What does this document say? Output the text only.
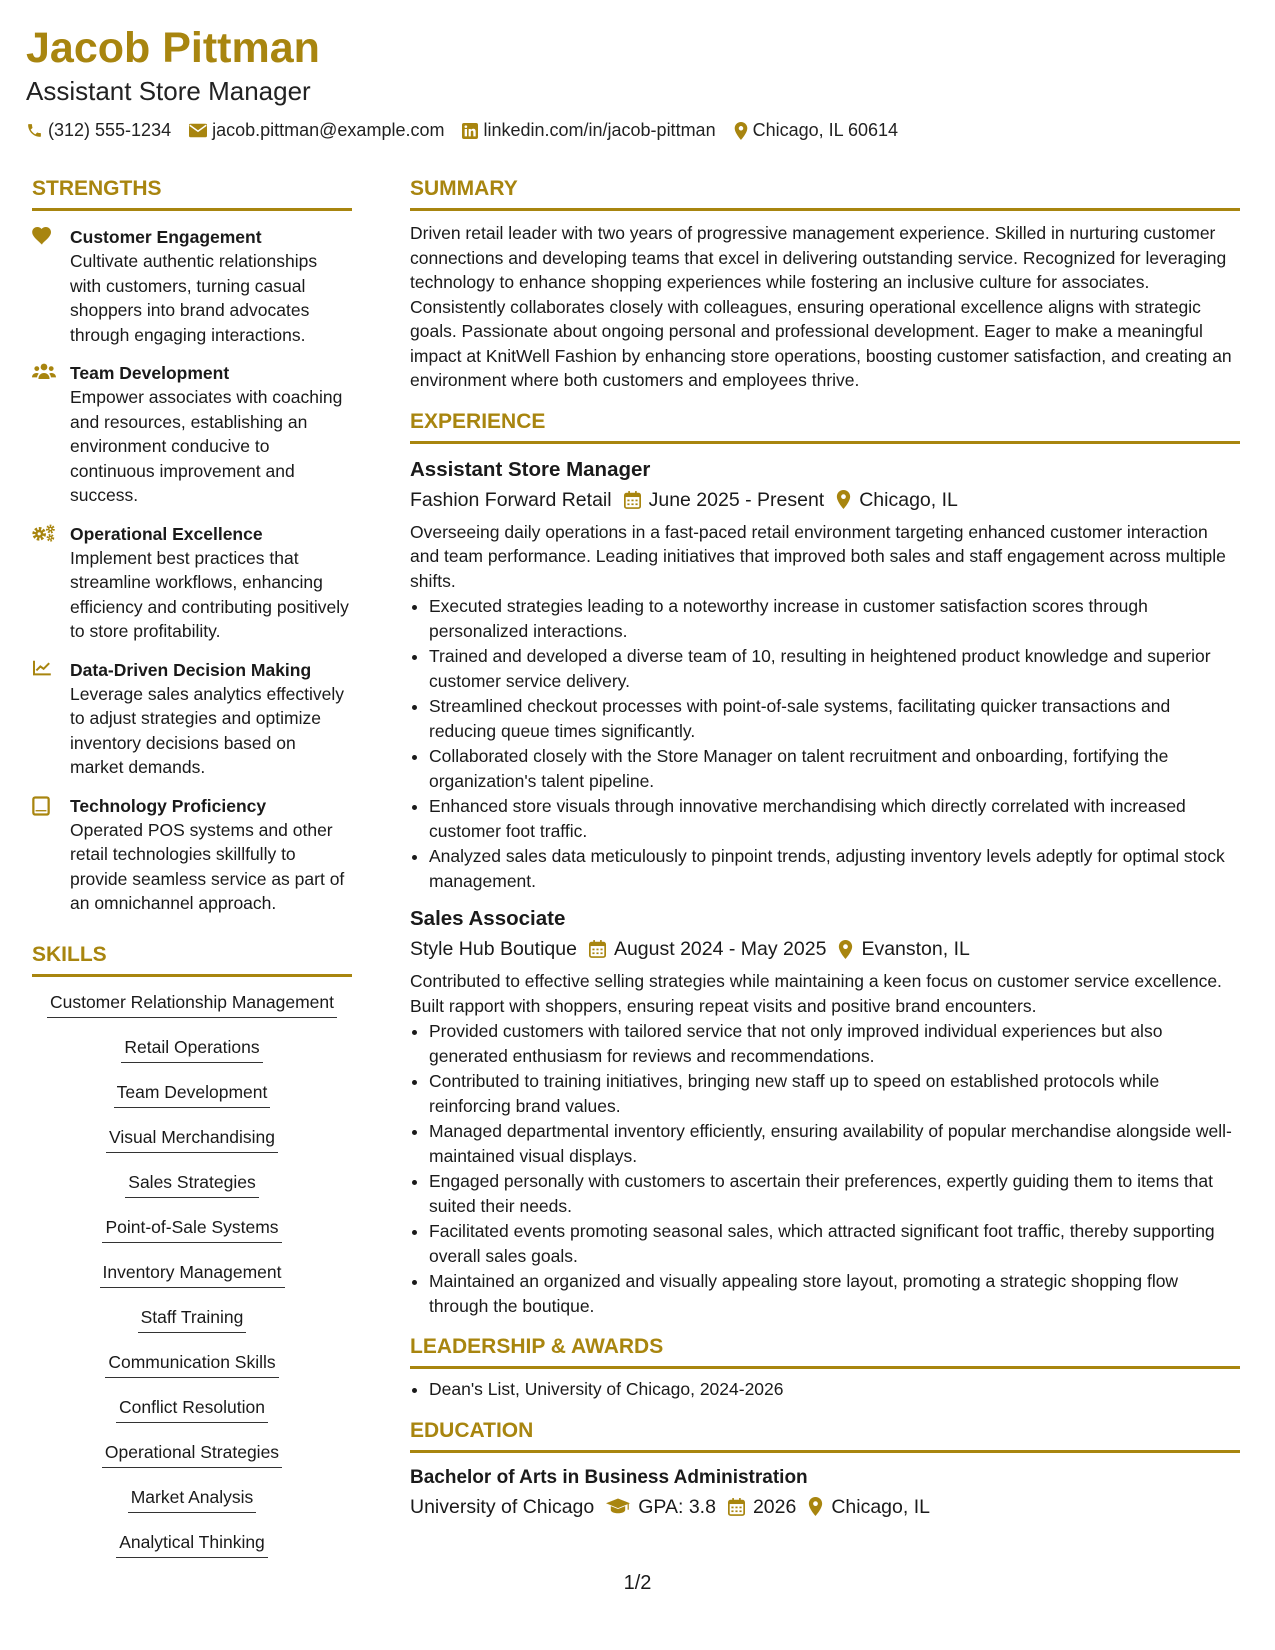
Jacob Pittman
Assistant Store Manager
(312) 555-1234 jacob.pittman@example.com linkedin.com/in/jacob-pittman Chicago, IL 60614
STRENGTHS
Customer Engagement
Cultivate authentic relationships with customers, turning casual shoppers into brand advocates through engaging interactions.
Team Development
Empower associates with coaching and resources, establishing an environment conducive to continuous improvement and success.
Operational Excellence
Implement best practices that streamline workflows, enhancing efficiency and contributing positively to store profitability.
Data-Driven Decision Making
Leverage sales analytics effectively to adjust strategies and optimize inventory decisions based on market demands.
Technology Proficiency
Operated POS systems and other retail technologies skillfully to provide seamless service as part of an omnichannel approach.
SKILLS
Customer Relationship Management
Retail Operations
Team Development
Visual Merchandising
Sales Strategies
Point-of-Sale Systems
Inventory Management
Staff Training
Communication Skills
Conflict Resolution
Operational Strategies
Market Analysis
Analytical Thinking
SUMMARY
Driven retail leader with two years of progressive management experience. Skilled in nurturing customer connections and developing teams that excel in delivering outstanding service. Recognized for leveraging technology to enhance shopping experiences while fostering an inclusive culture for associates. Consistently collaborates closely with colleagues, ensuring operational excellence aligns with strategic goals. Passionate about ongoing personal and professional development. Eager to make a meaningful impact at KnitWell Fashion by enhancing store operations, boosting customer satisfaction, and creating an environment where both customers and employees thrive.
EXPERIENCE
Assistant Store Manager
Fashion Forward Retail June 2025 - Present Chicago, IL
Overseeing daily operations in a fast-paced retail environment targeting enhanced customer interaction and team performance. Leading initiatives that improved both sales and staff engagement across multiple shifts.
• Executed strategies leading to a noteworthy increase in customer satisfaction scores through personalized interactions.
• Trained and developed a diverse team of 10, resulting in heightened product knowledge and superior customer service delivery.
• Streamlined checkout processes with point-of-sale systems, facilitating quicker transactions and reducing queue times significantly.
• Collaborated closely with the Store Manager on talent recruitment and onboarding, fortifying the organization's talent pipeline.
• Enhanced store visuals through innovative merchandising which directly correlated with increased customer foot traffic.
• Analyzed sales data meticulously to pinpoint trends, adjusting inventory levels adeptly for optimal stock management.
Sales Associate
Style Hub Boutique August 2024 - May 2025 Evanston, IL
Contributed to effective selling strategies while maintaining a keen focus on customer service excellence. Built rapport with shoppers, ensuring repeat visits and positive brand encounters.
• Provided customers with tailored service that not only improved individual experiences but also generated enthusiasm for reviews and recommendations.
• Contributed to training initiatives, bringing new staff up to speed on established protocols while reinforcing brand values.
• Managed departmental inventory efficiently, ensuring availability of popular merchandise alongside well-maintained visual displays.
• Engaged personally with customers to ascertain their preferences, expertly guiding them to items that suited their needs.
• Facilitated events promoting seasonal sales, which attracted significant foot traffic, thereby supporting overall sales goals.
• Maintained an organized and visually appealing store layout, promoting a strategic shopping flow through the boutique.
LEADERSHIP & AWARDS
• Dean's List, University of Chicago, 2024-2026
EDUCATION
Bachelor of Arts in Business Administration
University of Chicago GPA: 3.8 2026 Chicago, IL
1/2
